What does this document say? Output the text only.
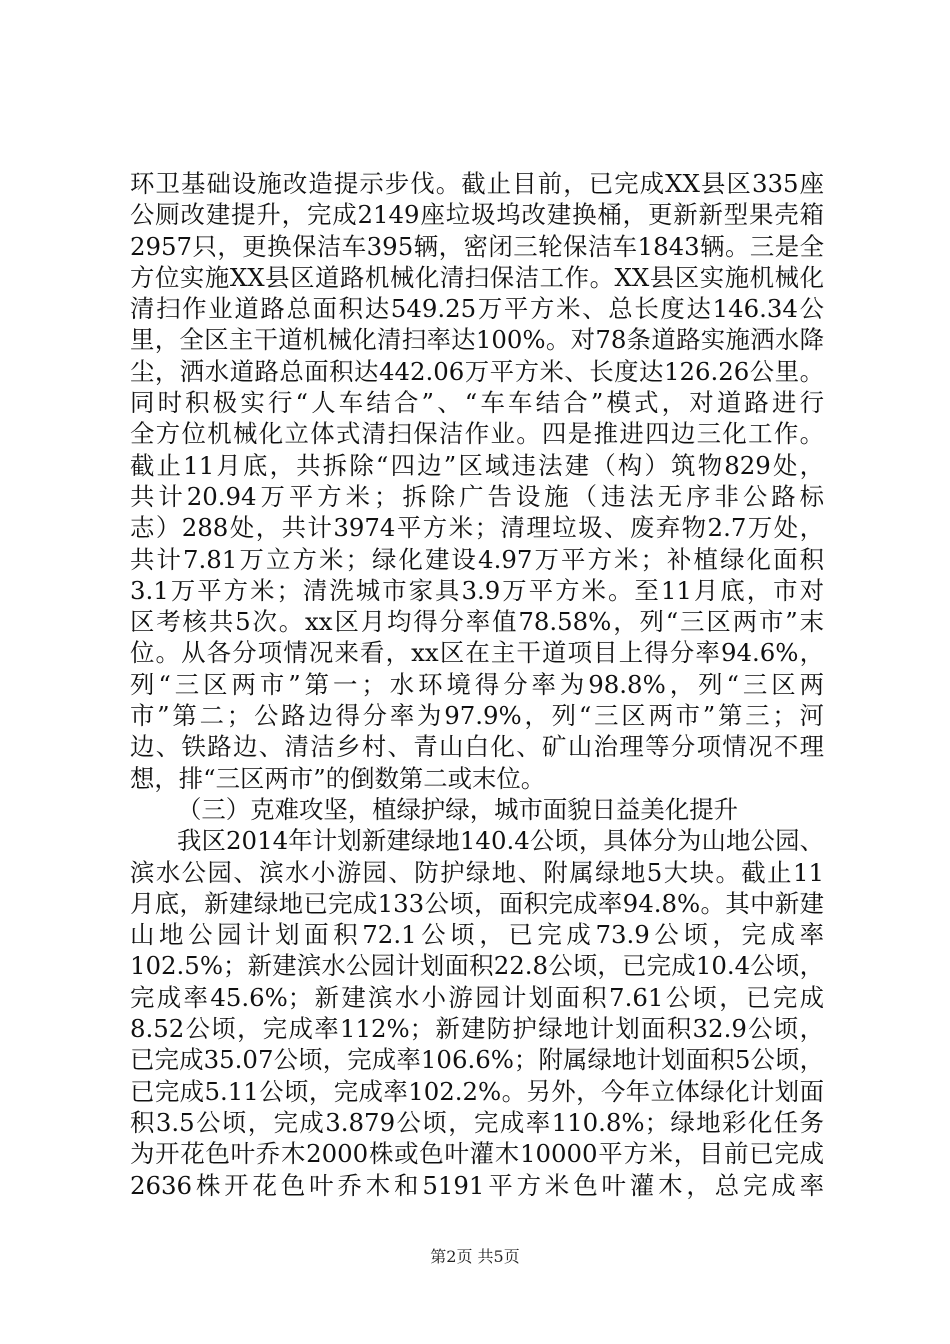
环卫基础设施改造提示步伐。截止目前，已完成XX县区335座
公厕改建提升，完成2149座垃圾坞改建换桶，更新新型果壳箱
2957只，更换保洁车395辆，密闭三轮保洁车1843辆。三是全
方位实施XX县区道路机械化清扫保洁工作。XX县区实施机械化
清扫作业道路总面积达549.25万平方米、总长度达146.34公
里，全区主干道机械化清扫率达100%。对78条道路实施洒水降
尘，洒水道路总面积达442.06万平方米、长度达126.26公里。
同时积极实行“人车结合”、“车车结合”模式，对道路进行
全方位机械化立体式清扫保洁作业。四是推进四边三化工作。
截止11月底，共拆除“四边”区域违法建（构）筑物829处，
共计20.94万平方米；拆除广告设施（违法无序非公路标
志）288处，共计3974平方米；清理垃圾、废弃物2.7万处，
共计7.81万立方米；绿化建设4.97万平方米；补植绿化面积
3.1万平方米；清洗城市家具3.9万平方米。至11月底，市对
区考核共5次。xx区月均得分率值78.58%，列“三区两市”末
位。从各分项情况来看，xx区在主干道项目上得分率94.6%，
列“三区两市”第一；水环境得分率为98.8%，列“三区两
市”第二；公路边得分率为97.9%，列“三区两市”第三；河
边、铁路边、清洁乡村、青山白化、矿山治理等分项情况不理
想，排“三区两市”的倒数第二或末位。
（三）克难攻坚，植绿护绿，城市面貌日益美化提升
我区2014年计划新建绿地140.4公顷，具体分为山地公园、
滨水公园、滨水小游园、防护绿地、附属绿地5大块。截止11
月底，新建绿地已完成133公顷，面积完成率94.8%。其中新建
山地公园计划面积72.1公顷，已完成73.9公顷，完成率
102.5%；新建滨水公园计划面积22.8公顷，已完成10.4公顷，
完成率45.6%；新建滨水小游园计划面积7.61公顷，已完成
8.52公顷，完成率112%；新建防护绿地计划面积32.9公顷，
已完成35.07公顷，完成率106.6%；附属绿地计划面积5公顷，
已完成5.11公顷，完成率102.2%。另外，今年立体绿化计划面
积3.5公顷，完成3.879公顷，完成率110.8%；绿地彩化任务
为开花色叶乔木2000株或色叶灌木10000平方米，目前已完成
2636株开花色叶乔木和5191平方米色叶灌木，总完成率
第2页 共5页
